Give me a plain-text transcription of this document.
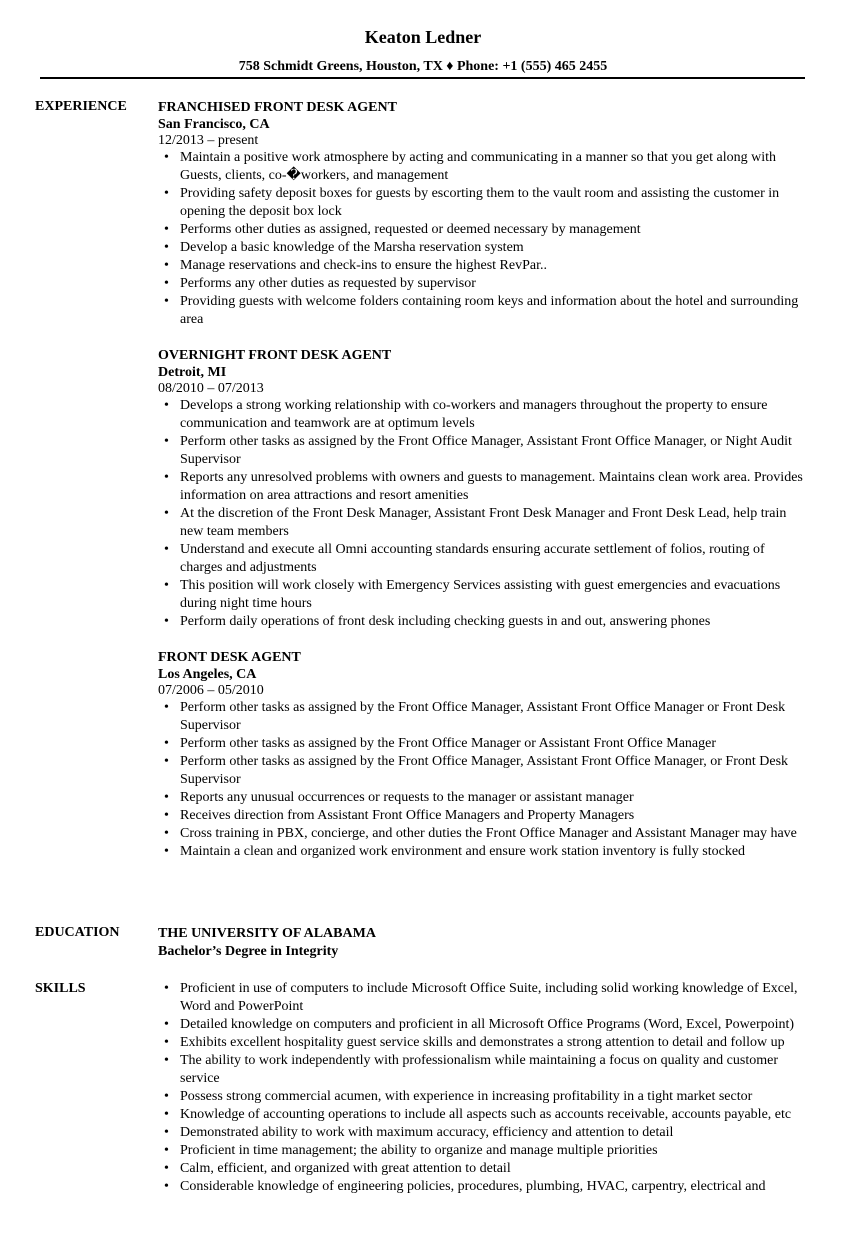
Keaton Ledner
758 Schmidt Greens, Houston, TX ♦ Phone: +1 (555) 465 2455
EXPERIENCE FRANCHISED FRONT DESK AGENT
San Francisco, CA
12/2013 – present
• Maintain a positive work atmosphere by acting and communicating in a manner so that you get along with Guests, clients, co-�workers, and management
• Providing safety deposit boxes for guests by escorting them to the vault room and assisting the customer in opening the deposit box lock
• Performs other duties as assigned, requested or deemed necessary by management
• Develop a basic knowledge of the Marsha reservation system
• Manage reservations and check-ins to ensure the highest RevPar..
• Performs any other duties as requested by supervisor
• Providing guests with welcome folders containing room keys and information about the hotel and surrounding area
OVERNIGHT FRONT DESK AGENT
Detroit, MI
08/2010 – 07/2013
• Develops a strong working relationship with co-workers and managers throughout the property to ensure communication and teamwork are at optimum levels
• Perform other tasks as assigned by the Front Office Manager, Assistant Front Office Manager, or Night Audit Supervisor
• Reports any unresolved problems with owners and guests to management. Maintains clean work area. Provides information on area attractions and resort amenities
• At the discretion of the Front Desk Manager, Assistant Front Desk Manager and Front Desk Lead, help train new team members
• Understand and execute all Omni accounting standards ensuring accurate settlement of folios, routing of charges and adjustments
• This position will work closely with Emergency Services assisting with guest emergencies and evacuations during night time hours
• Perform daily operations of front desk including checking guests in and out, answering phones
FRONT DESK AGENT
Los Angeles, CA
07/2006 – 05/2010
• Perform other tasks as assigned by the Front Office Manager, Assistant Front Office Manager or Front Desk Supervisor
• Perform other tasks as assigned by the Front Office Manager or Assistant Front Office Manager
• Perform other tasks as assigned by the Front Office Manager, Assistant Front Office Manager, or Front Desk Supervisor
• Reports any unusual occurrences or requests to the manager or assistant manager
• Receives direction from Assistant Front Office Managers and Property Managers
• Cross training in PBX, concierge, and other duties the Front Office Manager and Assistant Manager may have
• Maintain a clean and organized work environment and ensure work station inventory is fully stocked
EDUCATION	THE UNIVERSITY OF ALABAMA
Bachelor’s Degree in Integrity
SKILLS
•	Proficient in use of computers to include Microsoft Office Suite, including solid working knowledge of Excel, Word and PowerPoint
• Detailed knowledge on computers and proficient in all Microsoft Office Programs (Word, Excel, Powerpoint)
• Exhibits excellent hospitality guest service skills and demonstrates a strong attention to detail and follow up
• The ability to work independently with professionalism while maintaining a focus on quality and customer service
• Possess strong commercial acumen, with experience in increasing profitability in a tight market sector
• Knowledge of accounting operations to include all aspects such as accounts receivable, accounts payable, etc
• Demonstrated ability to work with maximum accuracy, efficiency and attention to detail
• Proficient in time management; the ability to organize and manage multiple priorities
• Calm, efficient, and organized with great attention to detail
• Considerable knowledge of engineering policies, procedures, plumbing, HVAC, carpentry, electrical and
